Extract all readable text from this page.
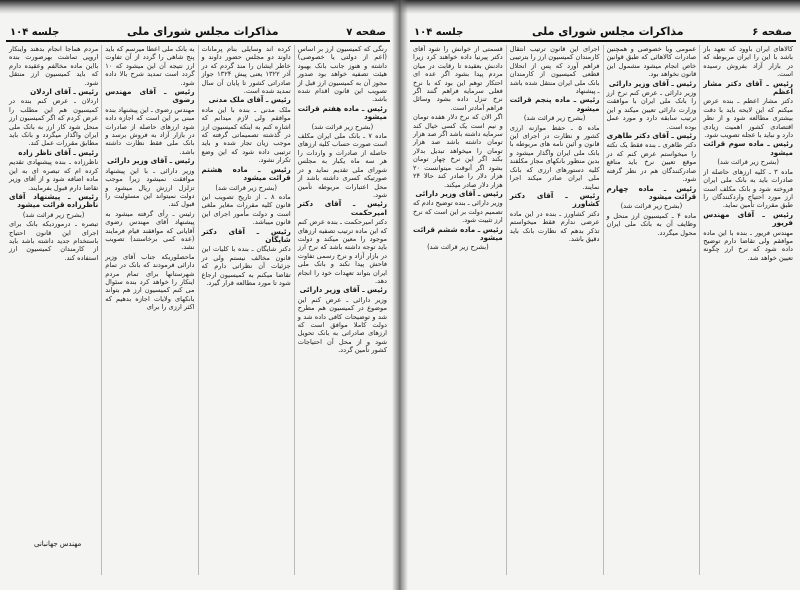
صفحه ۷
مذاکرات مجلس شورای ملی
جلسه ۱۰۴

رنگی که کمیسیون ارز بر اساس (اعم از دولتی یا خصوصی) داشته و هنوز جانب بانک بهبود هیئت تصفیه خواهد بود صدور مجوز آن به کمیسیون ارز قبل از تصویب این قانون اقدام شده باشد.

رئیس ـ ماده هفتم قرائت میشود

(بشرح زیر قرائت شد)

ماده ۷ ـ بانک ملی ایران مکلف است صورت حساب کلیه ارزهای حاصله از صادرات و واردات را هر سه ماه یکبار به مجلس شورای ملی تقدیم نماید و در صورتیکه کسری داشته باشد از محل اعتبارات مربوطه تأمین شود.

رئیس ـ آقای دکتر امیرحکمت

دکتر امیرحکمت ـ بنده عرض کنم که این ماده ترتیب تصفیه ارزهای موجود را معین میکند و دولت باید توجه داشته باشد که نرخ ارز در بازار آزاد و نرخ رسمی تفاوت فاحش پیدا نکند و بانک ملی ایران بتواند تعهدات خود را انجام دهد.

رئیس ـ آقای وزیر دارائی

وزیر دارائی ـ عرض کنم این موضوع در کمیسیون هم مطرح شد و توضیحات کافی داده شد و دولت کاملا موافق است که ارزهای صادراتی به بانک تحویل شود و از محل آن احتیاجات کشور تأمین گردد.

کرده اند وسایلی بنام پرمانات داوند دو مجلس حضور داوند و خاطر ایشان را منذ گردم که در آذر ۱۳۲۲ یعنی پیش ۱۳۲۴ جواز صادراتی کشور تا پایان آن سال تمدید شده است.

رئیس ـ آقای ملک مدنی

ملک مدنی ـ بنده با این ماده موافقم ولی لازم میدانم که اشاره کنم به اینکه کمیسیون ارز در گذشته تصمیماتی گرفته که موجب زیان تجار شده و باید ترتیبی داده شود که این وضع تکرار نشود.

رئیس ـ ماده هشتم قرائت میشود

(بشرح زیر قرائت شد)

ماده ۸ ـ از تاریخ تصویب این قانون کلیه مقررات مغایر ملغی است و دولت مأمور اجرای این قانون میباشد.

رئیس ـ آقای دکتر شایگان

دکتر شایگان ـ بنده با کلیات این قانون مخالف نیستم ولی در جزئیات آن نظراتی دارم که تقاضا میکنم به کمیسیون ارجاع شود تا مورد مطالعه قرار گیرد.

به بانک ملی اعطا میرسم که باید پنج شاهی را گردد از آن تفاوت ارز نتیجه آن این میشود که ۱۰ گردد است تمدید شرح بالا داده شود.

رئیس ـ آقای مهندس رضوی

مهندس رضوی ـ این پیشنهاد بنده مبنی بر این است که اجازه داده شود ارزهای حاصله از صادرات در بازار آزاد به فروش برسد و بانک ملی فقط نظارت داشته باشد.

رئیس ـ آقای وزیر دارائی

وزیر دارائی ـ با این پیشنهاد موافقت نمیشود زیرا موجب تزلزل ارزش ریال میشود و دولت نمیتواند این مسئولیت را قبول کند.

رئیس ـ رأی گرفته میشود به پیشنهاد آقای مهندس رضوی آقایانی که موافقند قیام فرمایند (عده کمی برخاستند) تصویب نشد.

ماحصلوریکه جناب آقای وزیر دارائی فرمودند که بانک در تمام شهرستانها برای تمام مردم اینکار را خواهد کرد بنده سئوال می کنم کمیسیون ارز هم بتواند بانکهای ولایات اجازه بدهیم که اکثر ارزی را برای

مردم هماجا انجام بدهند واینکار اروپی تماشت بهرصورت بنده بااین ماده مخالفم وعقیده دارم که باید کمیسیون ارز منتقل شود.

رئیس ـ آقای اردلان

اردلان ـ عرض کنم بنده در کمیسیون هم این مطلب را عرض کردم که اگر کمیسیون ارز منحل شود کار ارز به بانک ملی ایران واگذار میگردد و بانک باید مطابق مقررات عمل کند.

رئیس ـ آقای ناظر زاده

ناظرزاده ـ بنده پیشنهادی تقدیم کرده ام که تبصره ای به این ماده اضافه شود و از آقای وزیر تقاضا دارم قبول بفرمایند.

رئیس ـ پیشنهاد آقای ناظرزاده قرائت میشود

(بشرح زیر قرائت شد)

تبصره ـ درموردیکه بانک برای اجرای این قانون احتیاج باستخدام جدید داشته باشد باید از کارمندان کمیسیون ارز استفاده کند.

مهندس جهانبانی
صفحه ۶
مذاکرات مجلس شورای ملی
جلسه ۱۰۴

کالاهای ایران باوود که تعهد باز باشد با این را ایران مربوطه که در بازار آزاد بفروش رسیده است.

رئیس ـ آقای دکتر مشار اعظم

دکتر مشار اعظم ـ بنده عرض میکنم که این لایحه باید با دقت بیشتری مطالعه شود و از نظر اقتصادی کشور اهمیت زیادی دارد و نباید با عجله تصویب شود.

رئیس ـ ماده سوم قرائت میشود

(بشرح زیر قرائت شد)

ماده ۳ ـ کلیه ارزهای حاصله از صادرات باید به بانک ملی ایران فروخته شود و بانک مکلف است ارز مورد احتیاج واردکنندگان را طبق مقررات تأمین نماید.

رئیس ـ آقای مهندس فریور

مهندس فریور ـ بنده با این ماده موافقم ولی تقاضا دارم توضیح داده شود که نرخ ارز چگونه تعیین خواهد شد.

عمومی ویا خصوصی و همچنین صادرات کالاهائی که طبق قوانین خاص انجام میشود مشمول این قانون نخواهد بود.

رئیس ـ آقای وزیر دارائی

وزیر دارائی ـ عرض کنم نرخ ارز را بانک ملی ایران با موافقت وزارت دارائی تعیین میکند و این ترتیب سابقه دارد و مورد عمل بوده است.

رئیس ـ آقای دکتر طاهری

دکتر طاهری ـ بنده فقط یک نکته را میخواستم عرض کنم که در موقع تعیین نرخ باید منافع صادرکنندگان هم در نظر گرفته شود.

رئیس ـ ماده چهارم قرائت میشود

(بشرح زیر قرائت شد)

ماده ۴ ـ کمیسیون ارز منحل و وظایف آن به بانک ملی ایران محول میگردد.

اجرای این قانون ترتیب انتقال کارمندان کمیسیون ارز را بترتیبی فراهم آورد که پس از انحلال قطعی کمیسیون از کارمندان بانک ملی ایران منتقل شده باشد ـ پیشنهاد

رئیس ـ ماده پنجم قرائت میشود

(بشرح زیر قرائت شد)

ماده ۵ ـ حفظ موازنه ارزی کشور و نظارت در اجرای این قانون و آئین نامه های مربوطه با بانک ملی ایران واگذار میشود و بدین منظور بانکهای مجاز مکلفند کلیه دستورهای ارزی که بانک ملی ایران صادر میکند اجرا نمایند.

رئیس ـ آقای دکتر کشاورز

دکتر کشاورز ـ بنده در این ماده عرضی ندارم فقط میخواستم تذکر بدهم که نظارت بانک باید دقیق باشد.

قسمتی از خوانش را شود آقای دکتر پیرنیا داده خواهند کرد زیرا دادنش بعقیده تا رقابت در میان مردم پیدا بشود اگر عده ای احتکار توهم این بود که با نرخ فعلی سرمایه فراهم گنند اگر نرخ تنزل داده بشود وسائل فراهم آمادتر است.

اگر الان که نرخ دلار هفده تومان و نیم است یک کسی خیال کند سرمایه داشته باشد اگر صد هزار تومان داشته باشد صد هزار تومان را میخواهد تبدیل بدلار بکند اگر این نرخ چهار تومان بشود اگر آنوقت میتوانست ۲۰ هزار دلار را صادر کند حالا ۲۴ هزار دلار صادر میکند.

رئیس ـ آقای وزیر دارائی

وزیر دارائی ـ بنده توضیح دادم که تصمیم دولت بر این است که نرخ ارز تثبیت شود.

رئیس ـ ماده ششم قرائت میشود

(بشرح زیر قرائت شد)
